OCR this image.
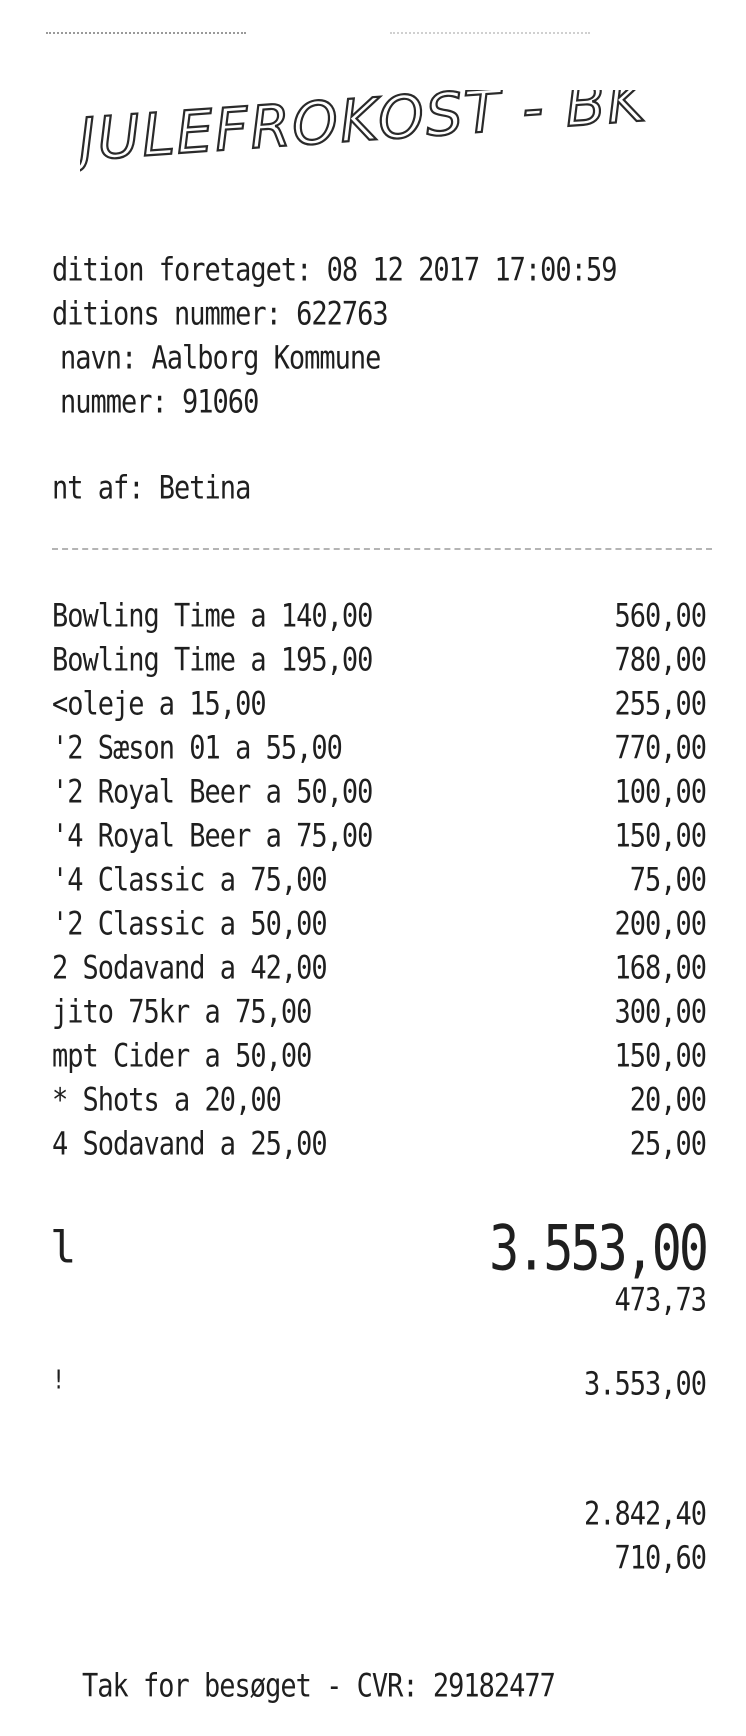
JULEFROKOST - BK
dition foretaget: 08 12 2017 17:00:59
ditions nummer: 622763
navn: Aalborg Kommune
nummer: 91060
nt af: Betina
Bowling Time a 140,00	560,00
Bowling Time a 195,00	780,00
<oleje a 15,00	255,00
'2 Sæson 01 a 55,00	770,00
'2 Royal Beer a 50,00	100,00
'4 Royal Beer a 75,00	150,00
'4 Classic a 75,00	75,00
'2 Classic a 50,00	200,00
2 Sodavand a 42,00	168,00
jito 75kr a 75,00	300,00
mpt Cider a 50,00	150,00
* Shots a 20,00	20,00
4 Sodavand a 25,00	25,00
l	3.553,00
473,73
!	3.553,00
2.842,40
710,60
Tak for besøget - CVR: 29182477
